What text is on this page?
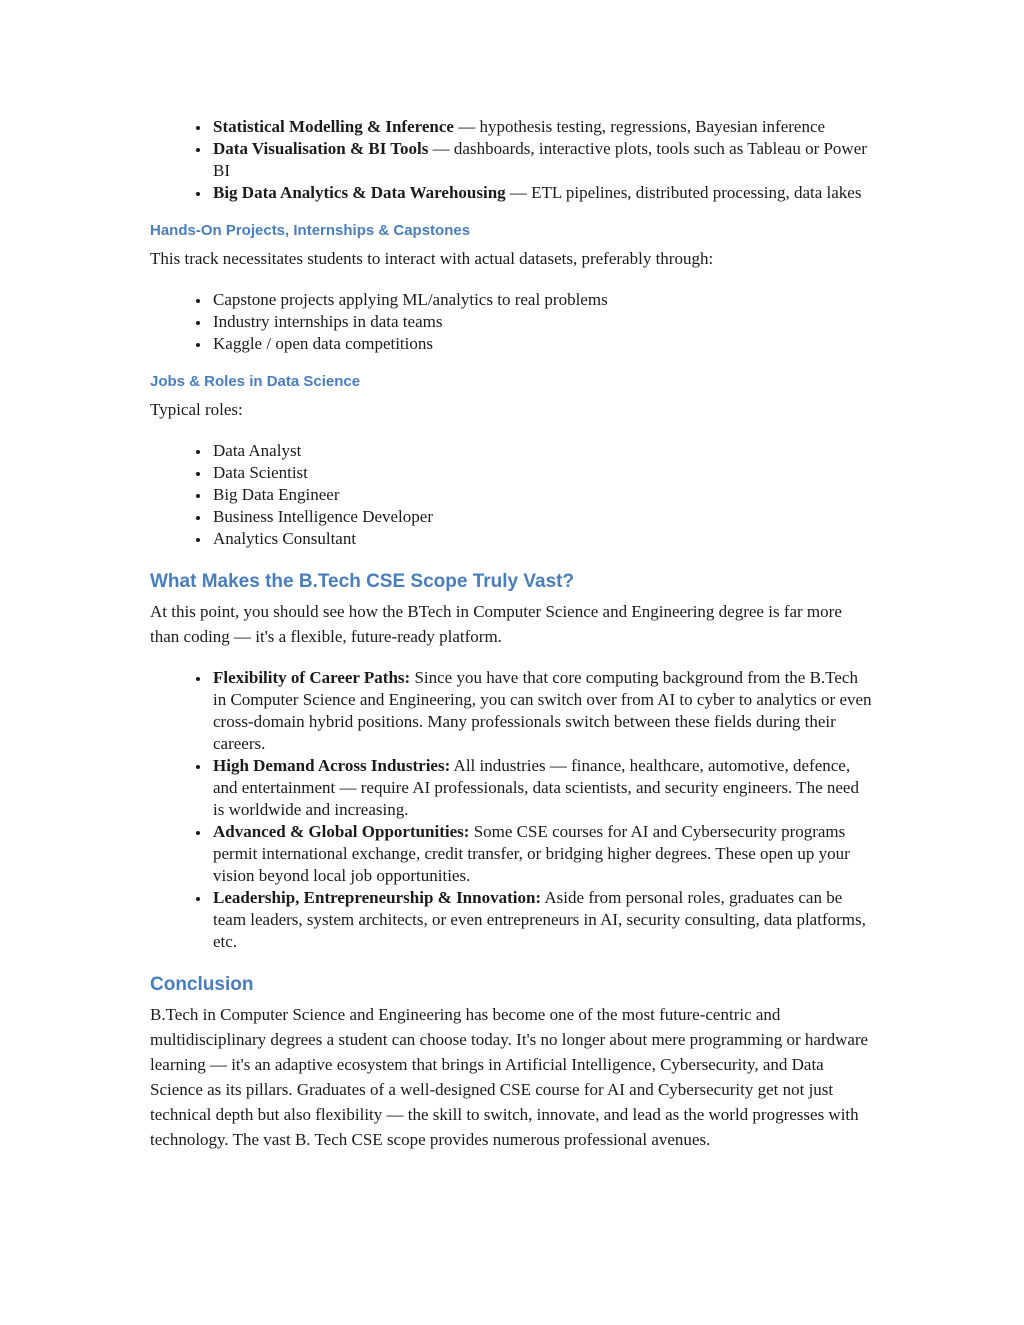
• Statistical Modelling & Inference — hypothesis testing, regressions, Bayesian inference
• Data Visualisation & BI Tools — dashboards, interactive plots, tools such as Tableau or Power BI
• Big Data Analytics & Data Warehousing — ETL pipelines, distributed processing, data lakes
Hands-On Projects, Internships & Capstones

This track necessitates students to interact with actual datasets, preferably through:

• Capstone projects applying ML/analytics to real problems
• Industry internships in data teams
• Kaggle / open data competitions
Jobs & Roles in Data Science

Typical roles:

• Data Analyst
• Data Scientist
• Big Data Engineer
• Business Intelligence Developer
• Analytics Consultant
What Makes the B.Tech CSE Scope Truly Vast?

At this point, you should see how the BTech in Computer Science and Engineering degree is far more than coding — it's a flexible, future-ready platform.

• Flexibility of Career Paths: Since you have that core computing background from the B.Tech in Computer Science and Engineering, you can switch over from AI to cyber to analytics or even cross-domain hybrid positions. Many professionals switch between these fields during their careers.
• High Demand Across Industries: All industries — finance, healthcare, automotive, defence, and entertainment — require AI professionals, data scientists, and security engineers. The need is worldwide and increasing.
• Advanced & Global Opportunities: Some CSE courses for AI and Cybersecurity programs permit international exchange, credit transfer, or bridging higher degrees. These open up your vision beyond local job opportunities.
• Leadership, Entrepreneurship & Innovation: Aside from personal roles, graduates can be team leaders, system architects, or even entrepreneurs in AI, security consulting, data platforms, etc.
Conclusion

B.Tech in Computer Science and Engineering has become one of the most future-centric and multidisciplinary degrees a student can choose today. It's no longer about mere programming or hardware learning — it's an adaptive ecosystem that brings in Artificial Intelligence, Cybersecurity, and Data Science as its pillars. Graduates of a well-designed CSE course for AI and Cybersecurity get not just technical depth but also flexibility — the skill to switch, innovate, and lead as the world progresses with technology. The vast B. Tech CSE scope provides numerous professional avenues.
